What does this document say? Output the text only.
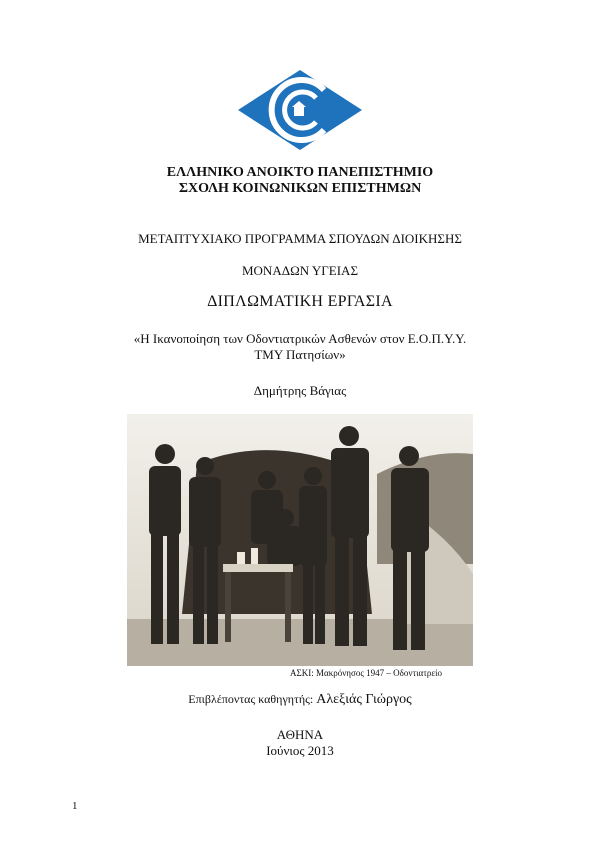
ΕΛΛΗΝΙΚΟ ΑΝΟΙΚΤΟ ΠΑΝΕΠΙΣΤΗΜΙΟ
ΣΧΟΛΗ ΚΟΙΝΩΝΙΚΩΝ ΕΠΙΣΤΗΜΩΝ
ΜΕΤΑΠΤΥΧΙΑΚΟ ΠΡΟΓΡΑΜΜΑ ΣΠΟΥΔΩΝ ΔΙΟΙΚΗΣΗΣ
ΜΟΝΑΔΩΝ ΥΓΕΙΑΣ
ΔΙΠΛΩΜΑΤΙΚΗ ΕΡΓΑΣΙΑ
«Η Ικανοποίηση των Οδοντιατρικών Ασθενών στον Ε.Ο.Π.Υ.Υ.
ΤΜΥ Πατησίων»
Δημήτρης Βάγιας
ΑΣΚΙ: Μακρόνησος 1947 – Οδοντιατρείο
Επιβλέποντας καθηγητής: Αλεξιάς Γιώργος
ΑΘΗΝΑ
Ιούνιος 2013
1
